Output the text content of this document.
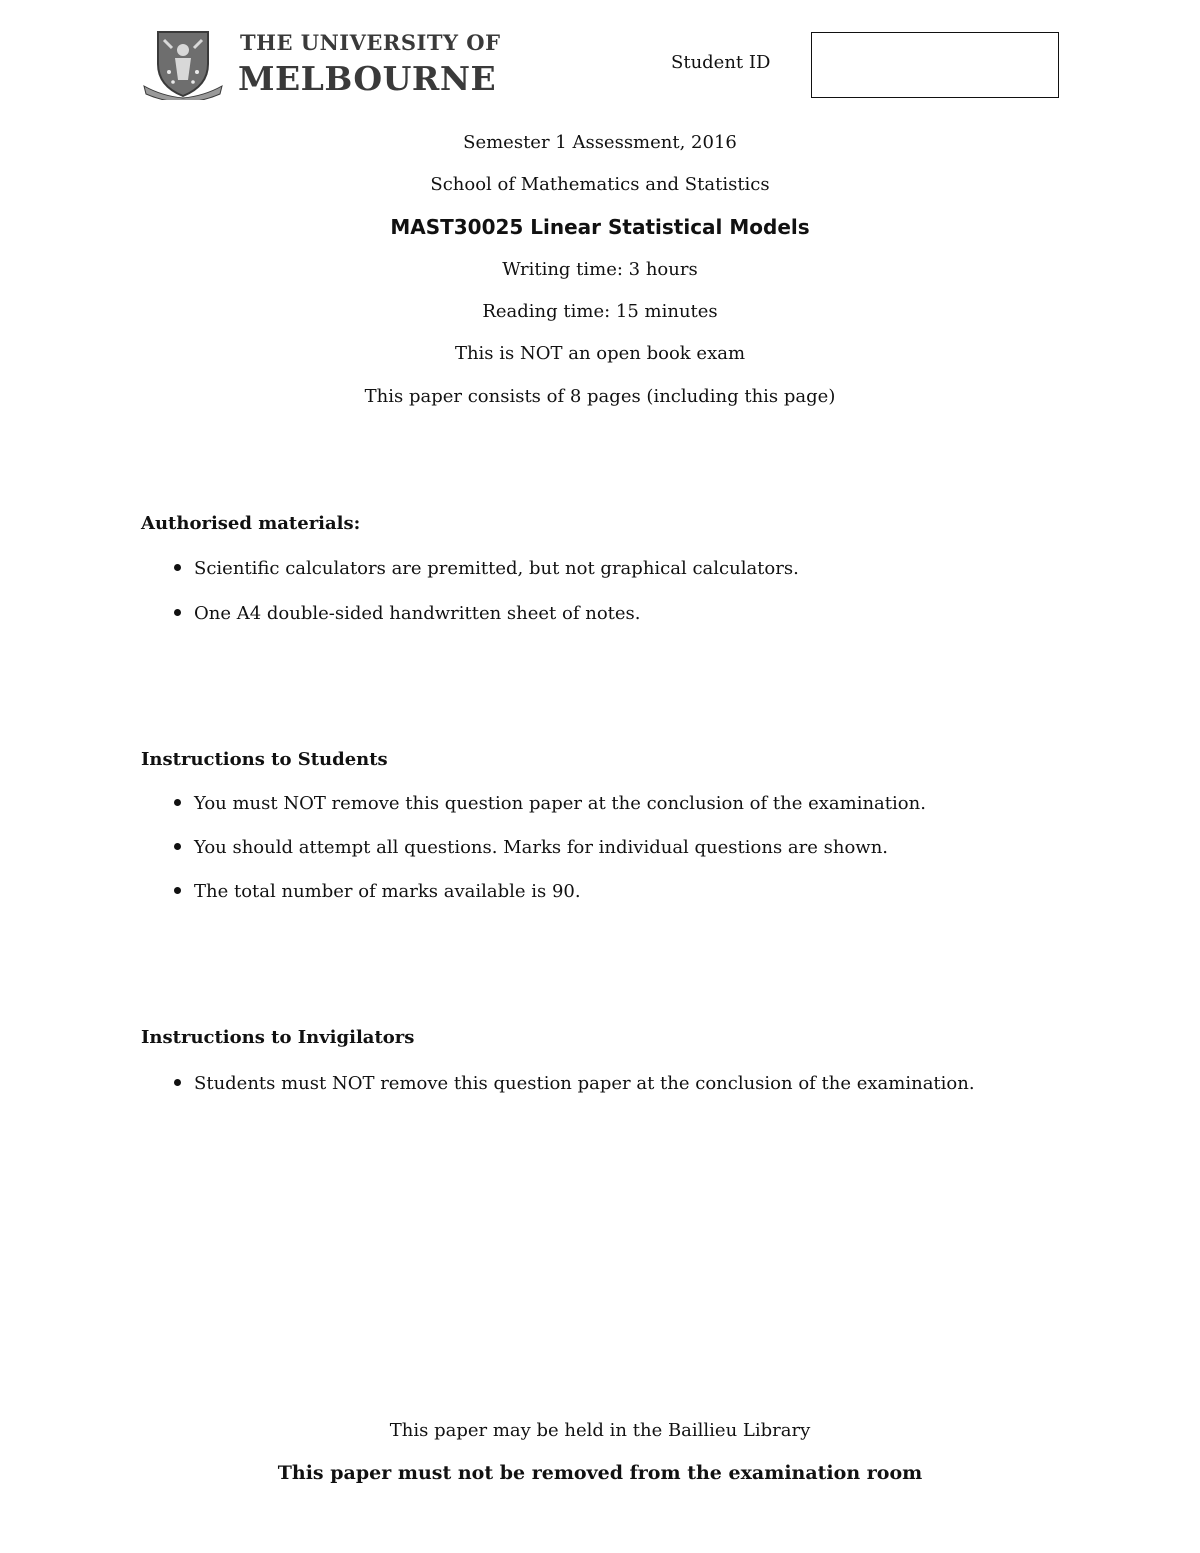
THE UNIVERSITY OF
MELBOURNE	Student ID
Semester 1 Assessment, 2016
School of Mathematics and Statistics
MAST30025 Linear Statistical Models
Writing time: 3 hours
Reading time: 15 minutes
This is NOT an open book exam
This paper consists of 8 pages (including this page)
Authorised materials:
Scientific calculators are premitted, but not graphical calculators.
One A4 double-sided handwritten sheet of notes.
Instructions to Students
You must NOT remove this question paper at the conclusion of the examination.
You should attempt all questions. Marks for individual questions are shown.
The total number of marks available is 90.
Instructions to Invigilators
Students must NOT remove this question paper at the conclusion of the examination.
This paper may be held in the Baillieu Library
This paper must not be removed from the examination room
